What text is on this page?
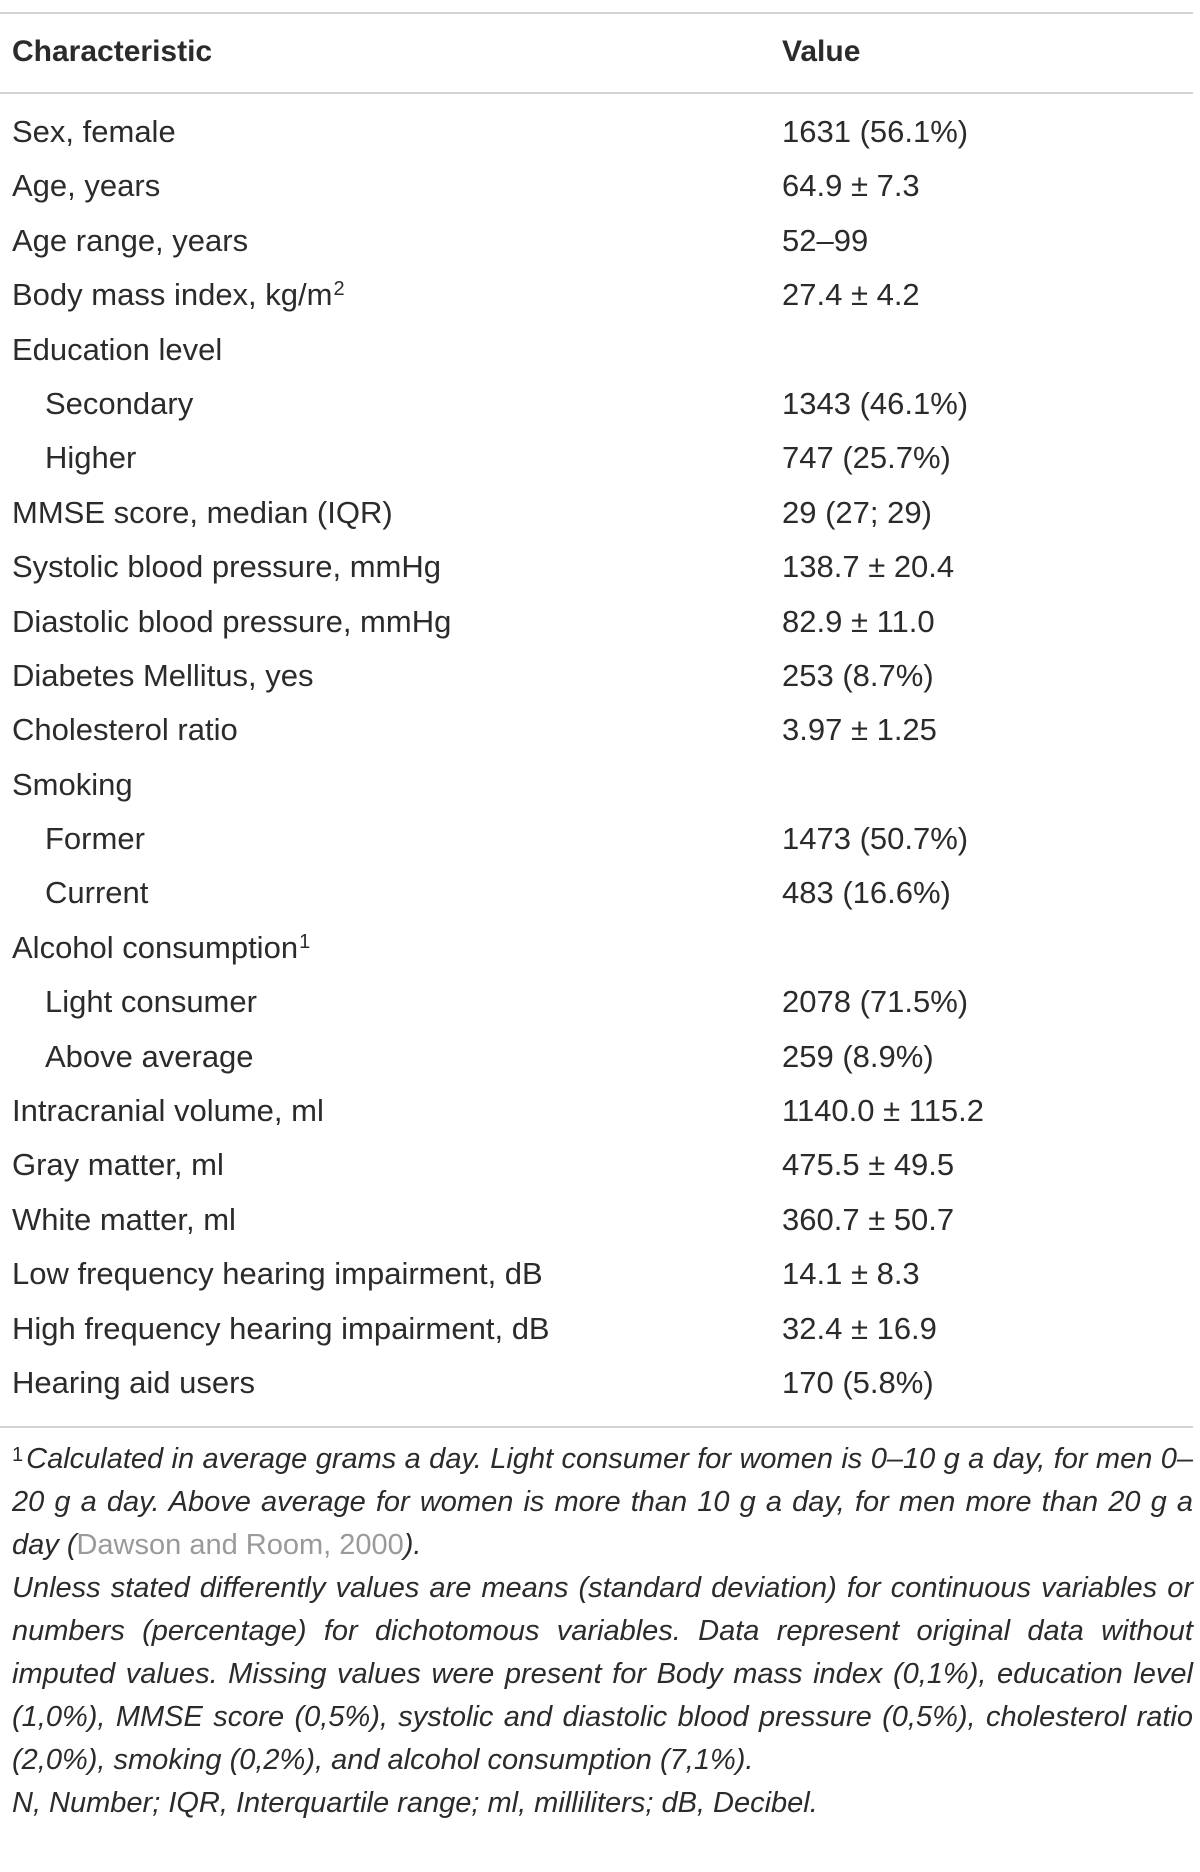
Characteristic	Value
Sex, female	1631 (56.1%)
Age, years	64.9 ± 7.3
Age range, years	52–99
Body mass index, $kg/m^2$	27.4 ± 4.2
Education level
Secondary	1343 (46.1%)
Higher	747 (25.7%)
MMSE score, median (IQR)	29 (27; 29)
Systolic blood pressure, mmHg	138.7 ± 20.4
Diastolic blood pressure, mmHg	82.9 ± 11.0
Diabetes Mellitus, yes	253 (8.7%)
Cholesterol ratio	3.97 ± 1.25
Smoking
Former	1473 (50.7%)
Current	483 (16.6%)
Alcohol consumption$^1$
Light consumer	2078 (71.5%)
Above average	259 (8.9%)
Intracranial volume, ml	1140.0 ± 115.2
Gray matter, ml	475.5 ± 49.5
White matter, ml	360.7 ± 50.7
Low frequency hearing impairment, dB	14.1 ± 8.3
High frequency hearing impairment, dB	32.4 ± 16.9
Hearing aid users	170 (5.8%)

$^1$ Calculated in average grams a day. Light consumer for women is 0–10 g a day, for men 0–20 g a day. Above average for women is more than 10 g a day, for men more than 20 g a day (Dawson and Room, 2000).

Unless stated differently values are means (standard deviation) for continuous variables or numbers (percentage) for dichotomous variables. Data represent original data without imputed values. Missing values were present for Body mass index (0,1%), education level (1,0%), MMSE score (0,5%), systolic and diastolic blood pressure (0,5%), cholesterol ratio (2,0%), smoking (0,2%), and alcohol consumption (7,1%).

N, Number; IQR, Interquartile range; ml, milliliters; dB, Decibel.
